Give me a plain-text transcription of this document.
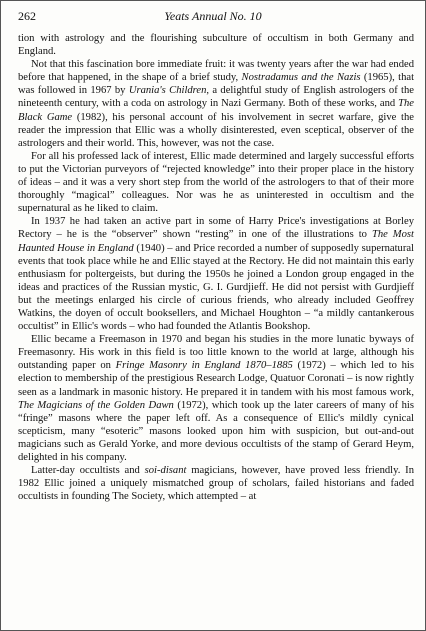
262	Yeats Annual No. 10

tion with astrology and the flourishing subculture of occultism in both Germany and England.

Not that this fascination bore immediate fruit: it was twenty years after the war had ended before that happened, in the shape of a brief study, Nostradamus and the Nazis (1965), that was followed in 1967 by Urania's Children, a delightful study of English astrologers of the nineteenth century, with a coda on astrology in Nazi Germany. Both of these works, and The Black Game (1982), his personal account of his involvement in secret warfare, give the reader the impression that Ellic was a wholly disinterested, even sceptical, observer of the astrologers and their world. This, however, was not the case.

For all his professed lack of interest, Ellic made determined and largely successful efforts to put the Victorian purveyors of “rejected knowledge” into their proper place in the history of ideas – and it was a very short step from the world of the astrologers to that of their more thoroughly “magical” colleagues. Nor was he as uninterested in occultism and the supernatural as he liked to claim.

In 1937 he had taken an active part in some of Harry Price's investigations at Borley Rectory – he is the “observer” shown “resting” in one of the illustrations to The Most Haunted House in England (1940) – and Price recorded a number of supposedly supernatural events that took place while he and Ellic stayed at the Rectory. He did not maintain this early enthusiasm for poltergeists, but during the 1950s he joined a London group engaged in the ideas and practices of the Russian mystic, G. I. Gurdjieff. He did not persist with Gurdjieff but the meetings enlarged his circle of curious friends, who already included Geoffrey Watkins, the doyen of occult booksellers, and Michael Houghton – “a mildly cantankerous occultist” in Ellic's words – who had founded the Atlantis Bookshop.

Ellic became a Freemason in 1970 and began his studies in the more lunatic byways of Freemasonry. His work in this field is too little known to the world at large, although his outstanding paper on Fringe Masonry in England 1870–1885 (1972) – which led to his election to membership of the prestigious Research Lodge, Quatuor Coronati – is now rightly seen as a landmark in masonic history. He prepared it in tandem with his most famous work, The Magicians of the Golden Dawn (1972), which took up the later careers of many of his “fringe” masons where the paper left off. As a consequence of Ellic's mildly cynical scepticism, many “esoteric” masons looked upon him with suspicion, but out-and-out magicians such as Gerald Yorke, and more devious occultists of the stamp of Gerard Heym, delighted in his company.

Latter-day occultists and soi-disant magicians, however, have proved less friendly. In 1982 Ellic joined a uniquely mismatched group of scholars, failed historians and faded occultists in founding The Society, which attempted – at
